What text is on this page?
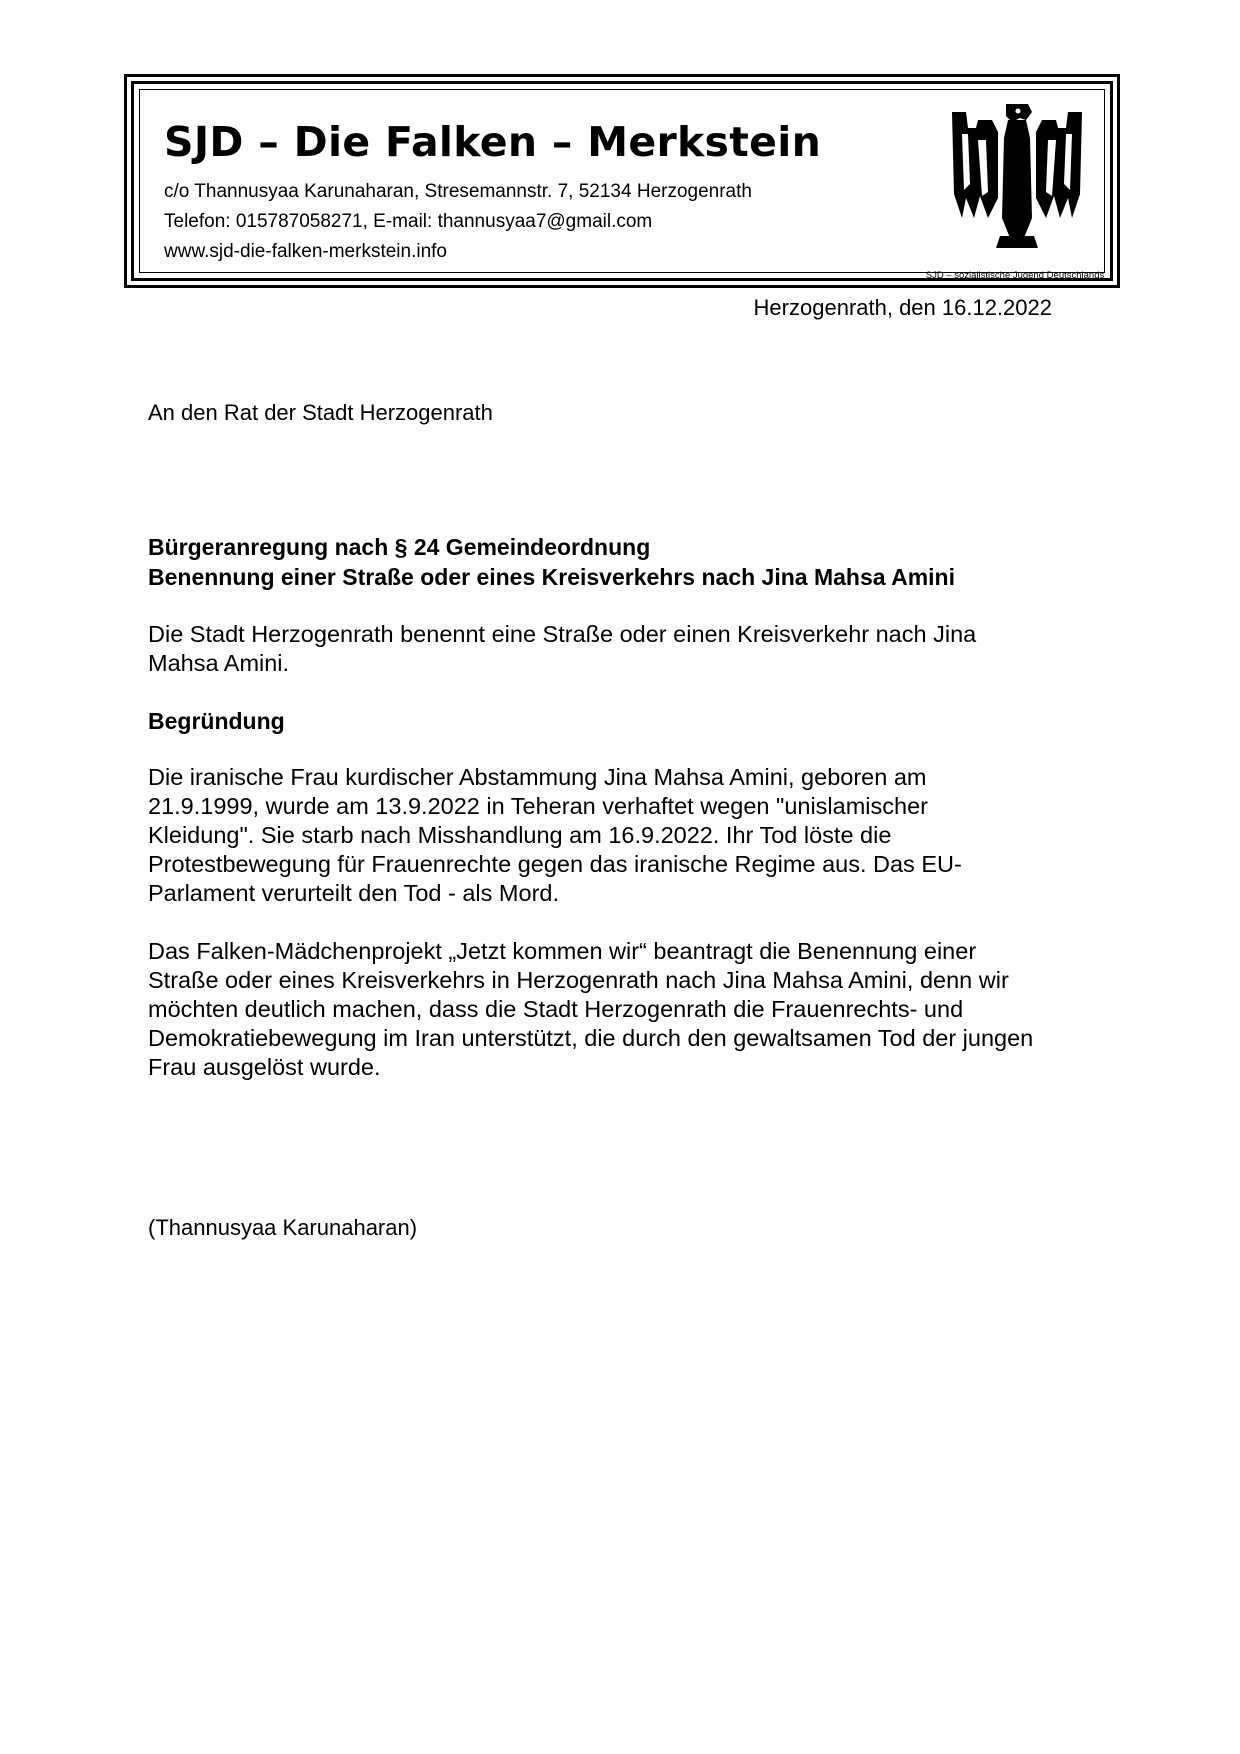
SJD – Die Falken – Merkstein
c/o Thannusyaa Karunaharan, Stresemannstr. 7, 52134 Herzogenrath
Telefon: 015787058271, E-mail: thannusyaa7@gmail.com
www.sjd-die-falken-merkstein.info
SJD – sozialistische Jugend Deutschlands
Herzogenrath, den 16.12.2022
An den Rat der Stadt Herzogenrath
Bürgeranregung nach § 24 Gemeindeordnung
Benennung einer Straße oder eines Kreisverkehrs nach Jina Mahsa Amini
Die Stadt Herzogenrath benennt eine Straße oder einen Kreisverkehr nach Jina
Mahsa Amini.
Begründung
Die iranische Frau kurdischer Abstammung Jina Mahsa Amini, geboren am
21.9.1999, wurde am 13.9.2022 in Teheran verhaftet wegen "unislamischer
Kleidung". Sie starb nach Misshandlung am 16.9.2022. Ihr Tod löste die
Protestbewegung für Frauenrechte gegen das iranische Regime aus. Das EU-
Parlament verurteilt den Tod - als Mord.
Das Falken-Mädchenprojekt „Jetzt kommen wir“ beantragt die Benennung einer
Straße oder eines Kreisverkehrs in Herzogenrath nach Jina Mahsa Amini, denn wir
möchten deutlich machen, dass die Stadt Herzogenrath die Frauenrechts- und
Demokratiebewegung im Iran unterstützt, die durch den gewaltsamen Tod der jungen
Frau ausgelöst wurde.
(Thannusyaa Karunaharan)
